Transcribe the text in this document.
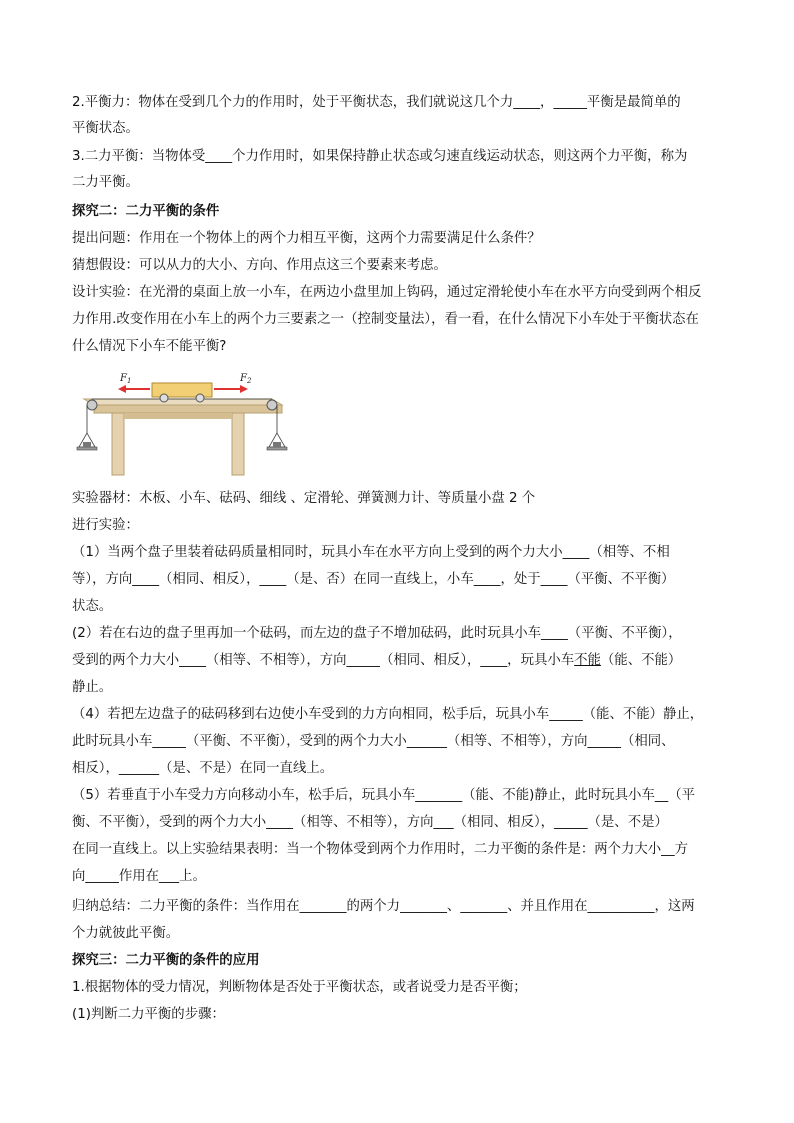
2.平衡力：物体在受到几个力的作用时，处于平衡状态，我们就说这几个力____，_____平衡是最简单的
平衡状态。
3.二力平衡：当物体受____个力作用时，如果保持静止状态或匀速直线运动状态，则这两个力平衡，称为
二力平衡。
探究二：二力平衡的条件
提出问题：作用在一个物体上的两个力相互平衡，这两个力需要满足什么条件？
猜想假设：可以从力的大小、方向、作用点这三个要素来考虑。
设计实验：在光滑的桌面上放一小车，在两边小盘里加上钩码，通过定滑轮使小车在水平方向受到两个相反
力作用.改变作用在小车上的两个力三要素之一（控制变量法），看一看，在什么情况下小车处于平衡状态在
什么情况下小车不能平衡?
$F_1$	$F_2$
实验器材：木板、小车、砝码、细线 、定滑轮、弹簧测力计、等质量小盘 2 个
进行实验：
（1）当两个盘子里装着砝码质量相同时，玩具小车在水平方向上受到的两个力大小____（相等、不相
等），方向____（相同、相反），____（是、否）在同一直线上，小车____，处于____（平衡、不平衡）
状态。
(2）若在右边的盘子里再加一个砝码，而左边的盘子不增加砝码，此时玩具小车____（平衡、不平衡），
受到的两个力大小____（相等、不相等），方向_____（相同、相反），____，玩具小车不能（能、不能）
静止。
（4）若把左边盘子的砝码移到右边使小车受到的力方向相同，松手后，玩具小车_____（能、不能）静止，
此时玩具小车_____（平衡、不平衡），受到的两个力大小______（相等、不相等），方向_____（相同、
相反），______（是、不是）在同一直线上。
（5）若垂直于小车受力方向移动小车，松手后，玩具小车_______（能、不能)静止，此时玩具小车__（平
衡、不平衡），受到的两个力大小____（相等、不相等），方向___（相同、相反），_____（是、不是）
在同一直线上。以上实验结果表明：当一个物体受到两个力作用时，二力平衡的条件是：两个力大小__方
向_____作用在___上。
归纳总结：二力平衡的条件：当作用在_______的两个力_______、_______、并且作用在__________，这两
个力就彼此平衡。
探究三：二力平衡的条件的应用
1.根据物体的受力情况，判断物体是否处于平衡状态，或者说受力是否平衡；
(1)判断二力平衡的步骤：
